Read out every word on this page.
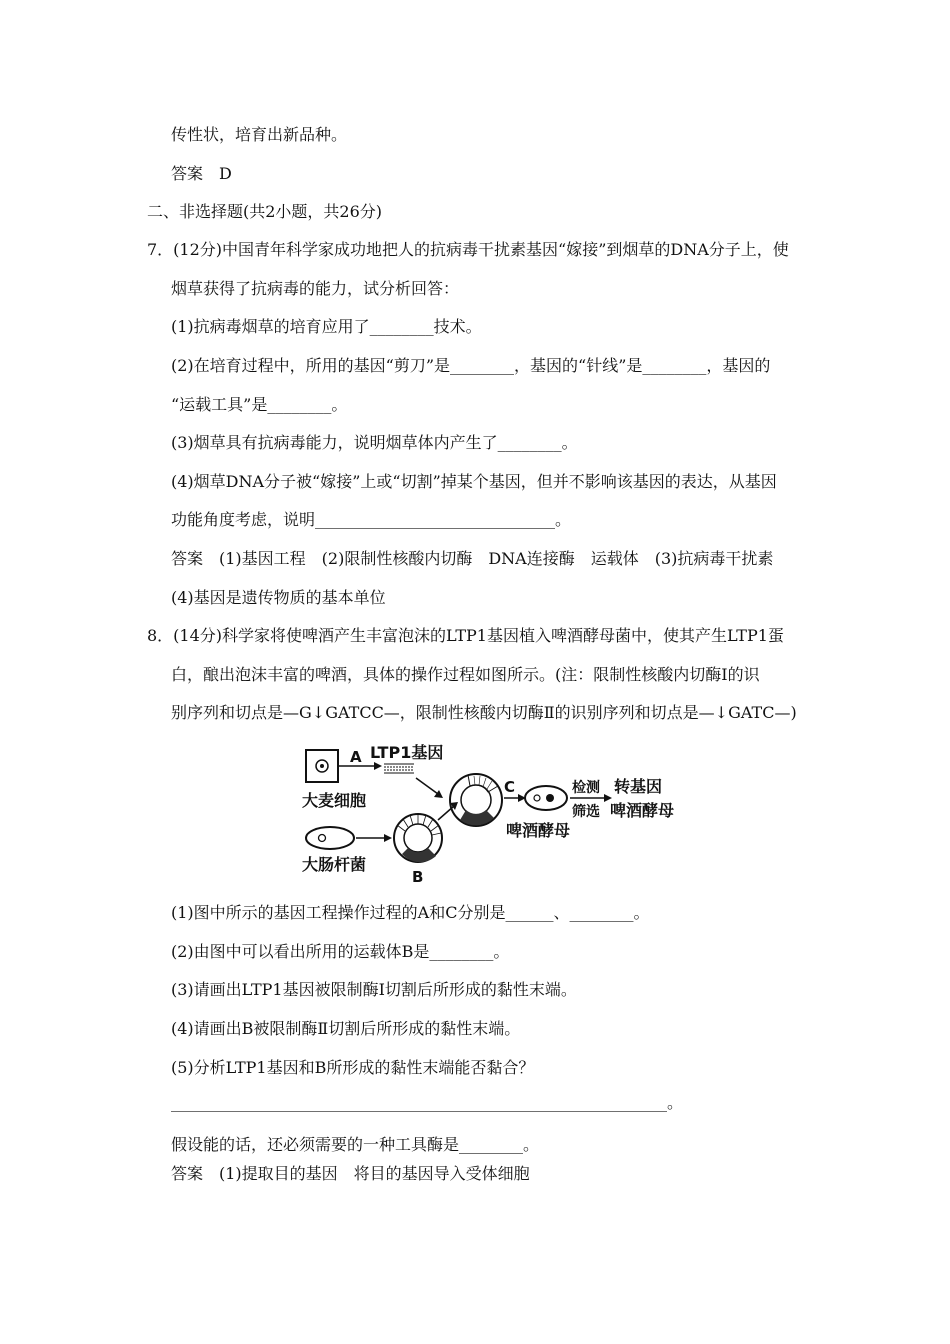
传性状，培育出新品种。
答案　D
二、非选择题(共2小题，共26分)
7．(12分)中国青年科学家成功地把人的抗病毒干扰素基因“嫁接”到烟草的DNA分子上，使
烟草获得了抗病毒的能力，试分析回答：
(1)抗病毒烟草的培育应用了________技术。
(2)在培育过程中，所用的基因“剪刀”是________，基因的“针线”是________，基因的
“运载工具”是________。
(3)烟草具有抗病毒能力，说明烟草体内产生了________。
(4)烟草DNA分子被“嫁接”上或“切割”掉某个基因，但并不影响该基因的表达，从基因
功能角度考虑，说明______________________________。
答案　(1)基因工程　(2)限制性核酸内切酶　DNA连接酶　运载体　(3)抗病毒干扰素
(4)基因是遗传物质的基本单位
8．(14分)科学家将使啤酒产生丰富泡沫的LTP1基因植入啤酒酵母菌中，使其产生LTP1蛋
白，酿出泡沫丰富的啤酒，具体的操作过程如图所示。(注：限制性核酸内切酶Ⅰ的识
别序列和切点是—G↓GATCC—，限制性核酸内切酶Ⅱ的识别序列和切点是—↓GATC—)
A LTP1基因
大麦细胞
大肠杆菌
B
C
啤酒酵母
检测
筛选
转基因
啤酒酵母
(1)图中所示的基因工程操作过程的A和C分别是______、________。
(2)由图中可以看出所用的运载体B是________。
(3)请画出LTP1基因被限制酶Ⅰ切割后所形成的黏性末端。
(4)请画出B被限制酶Ⅱ切割后所形成的黏性末端。
(5)分析LTP1基因和B所形成的黏性末端能否黏合？
______________________________________________________________。
假设能的话，还必须需要的一种工具酶是________。
答案　(1)提取目的基因　将目的基因导入受体细胞
